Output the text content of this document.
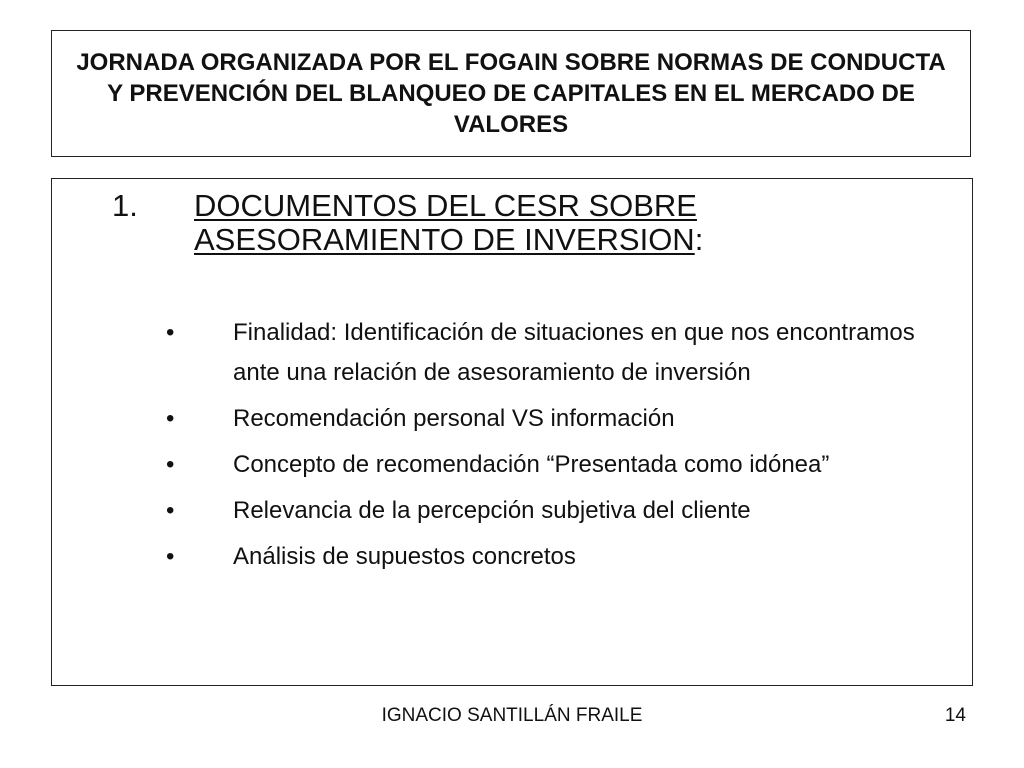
JORNADA ORGANIZADA POR EL FOGAIN SOBRE NORMAS DE CONDUCTA Y PREVENCIÓN DEL BLANQUEO DE CAPITALES EN EL MERCADO DE VALORES

1. DOCUMENTOS DEL CESR SOBRE ASESORAMIENTO DE INVERSION:
• Finalidad: Identificación de situaciones en que nos encontramos ante una relación de asesoramiento de inversión
• Recomendación personal VS información
• Concepto de recomendación “Presentada como idónea”
• Relevancia de la percepción subjetiva del cliente
• Análisis de supuestos concretos
IGNACIO SANTILLÁN FRAILE	14
